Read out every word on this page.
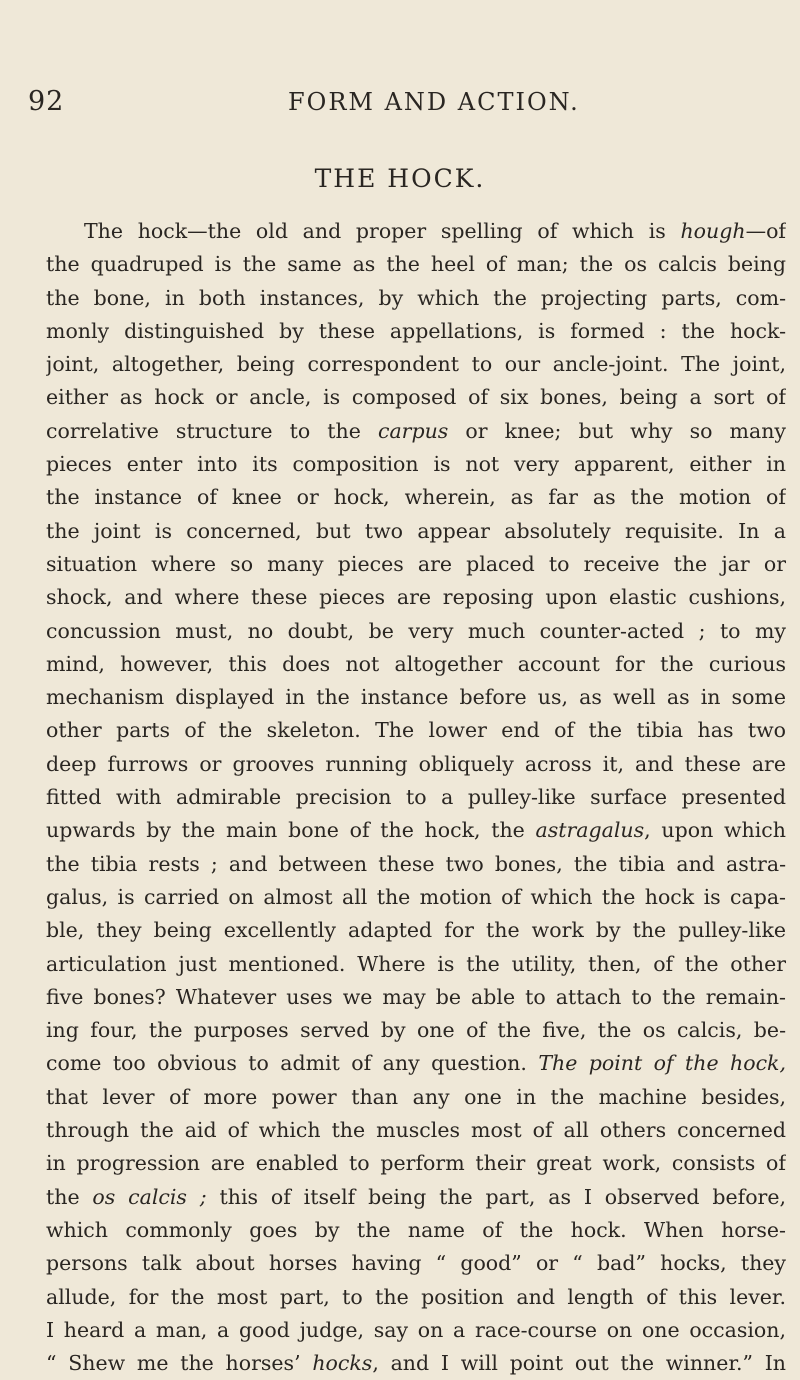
92	FORM AND ACTION.
THE HOCK.
The hock—the old and proper spelling of which is hough—of
the quadruped is the same as the heel of man; the os calcis being
the bone, in both instances, by which the projecting parts, com-
monly distinguished by these appellations, is formed : the hock-
joint, altogether, being correspondent to our ancle-joint. The joint,
either as hock or ancle, is composed of six bones, being a sort of
correlative structure to the carpus or knee; but why so many
pieces enter into its composition is not very apparent, either in
the instance of knee or hock, wherein, as far as the motion of
the joint is concerned, but two appear absolutely requisite. In a
situation where so many pieces are placed to receive the jar or
shock, and where these pieces are reposing upon elastic cushions,
concussion must, no doubt, be very much counter-acted ; to my
mind, however, this does not altogether account for the curious
mechanism displayed in the instance before us, as well as in some
other parts of the skeleton. The lower end of the tibia has two
deep furrows or grooves running obliquely across it, and these are
fitted with admirable precision to a pulley-like surface presented
upwards by the main bone of the hock, the astragalus, upon which
the tibia rests ; and between these two bones, the tibia and astra-
galus, is carried on almost all the motion of which the hock is capa-
ble, they being excellently adapted for the work by the pulley-like
articulation just mentioned. Where is the utility, then, of the other
five bones? Whatever uses we may be able to attach to the remain-
ing four, the purposes served by one of the five, the os calcis, be-
come too obvious to admit of any question. The point of the hock,
that lever of more power than any one in the machine besides,
through the aid of which the muscles most of all others concerned
in progression are enabled to perform their great work, consists of
the os calcis ; this of itself being the part, as I observed before,
which commonly goes by the name of the hock. When horse-
persons talk about horses having “ good” or “ bad” hocks, they
allude, for the most part, to the position and length of this lever.
I heard a man, a good judge, say on a race-course on one occasion,
“ Shew me the horses’ hocks, and I will point out the winner.” In
